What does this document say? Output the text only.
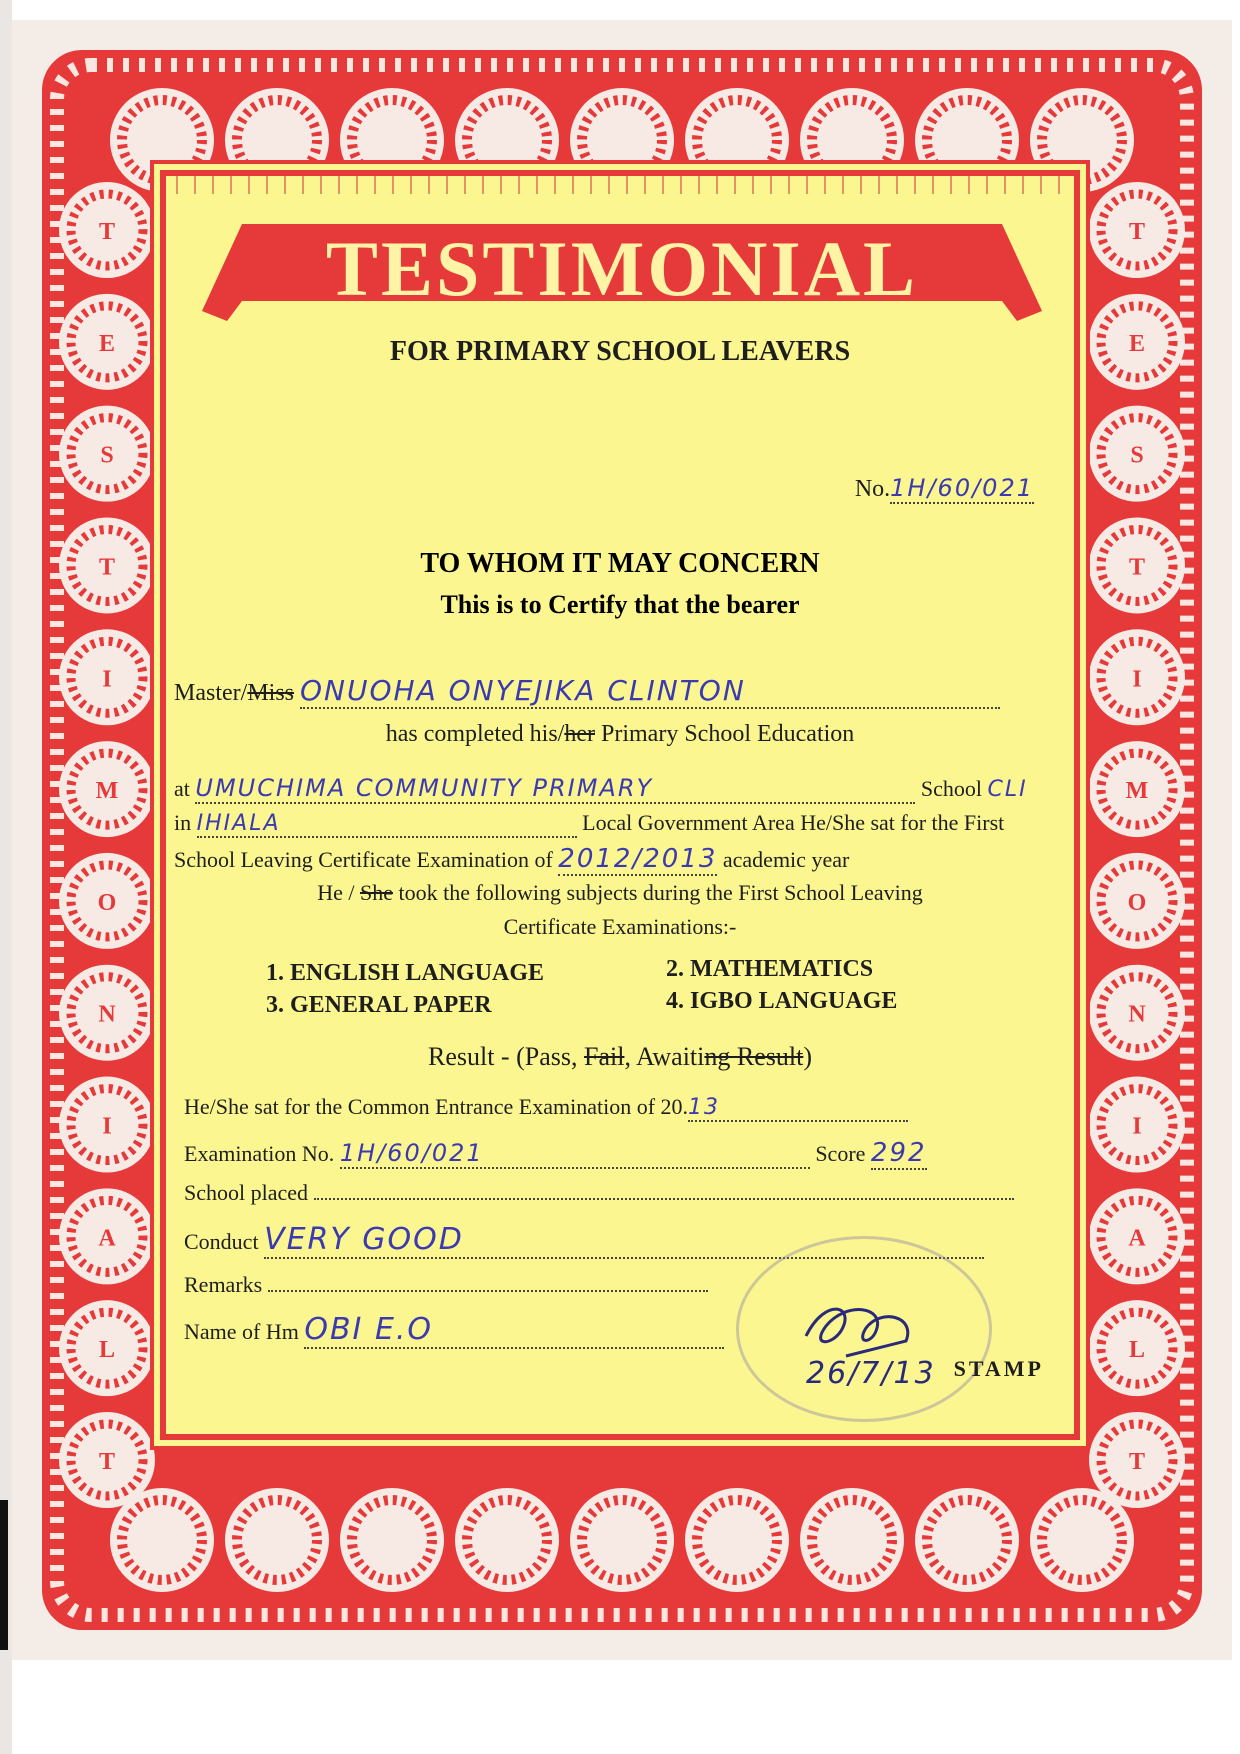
T	T
E	E
S	S
T	T
I	I
M	M
O	O
N	N
I	I
A	A
L	L
T	T
TESTIMONIAL
FOR PRIMARY SCHOOL LEAVERS
No.1H/60/021
TO WHOM IT MAY CONCERN
This is to Certify that the bearer
Master/Miss ONUOHA ONYEJIKA CLINTON
has completed his/her Primary School Education
at UMUCHIMA COMMUNITY PRIMARY	School CLI
in IHIALA	Local Government Area He/She sat for the First
School Leaving Certificate Examination of 2012/2013 academic year
He / She took the following subjects during the First School Leaving
Certificate Examinations:-
1. ENGLISH LANGUAGE	2. MATHEMATICS
3. GENERAL PAPER	4. IGBO LANGUAGE
Result - (Pass, Fail, Awaiting Result)
He/She sat for the Common Entrance Examination of 20.13
Examination No. 1H/60/021	Score 292
School placed
Conduct VERY GOOD
Remarks
Name of Hm OBI E.O
26/7/13 STAMP
